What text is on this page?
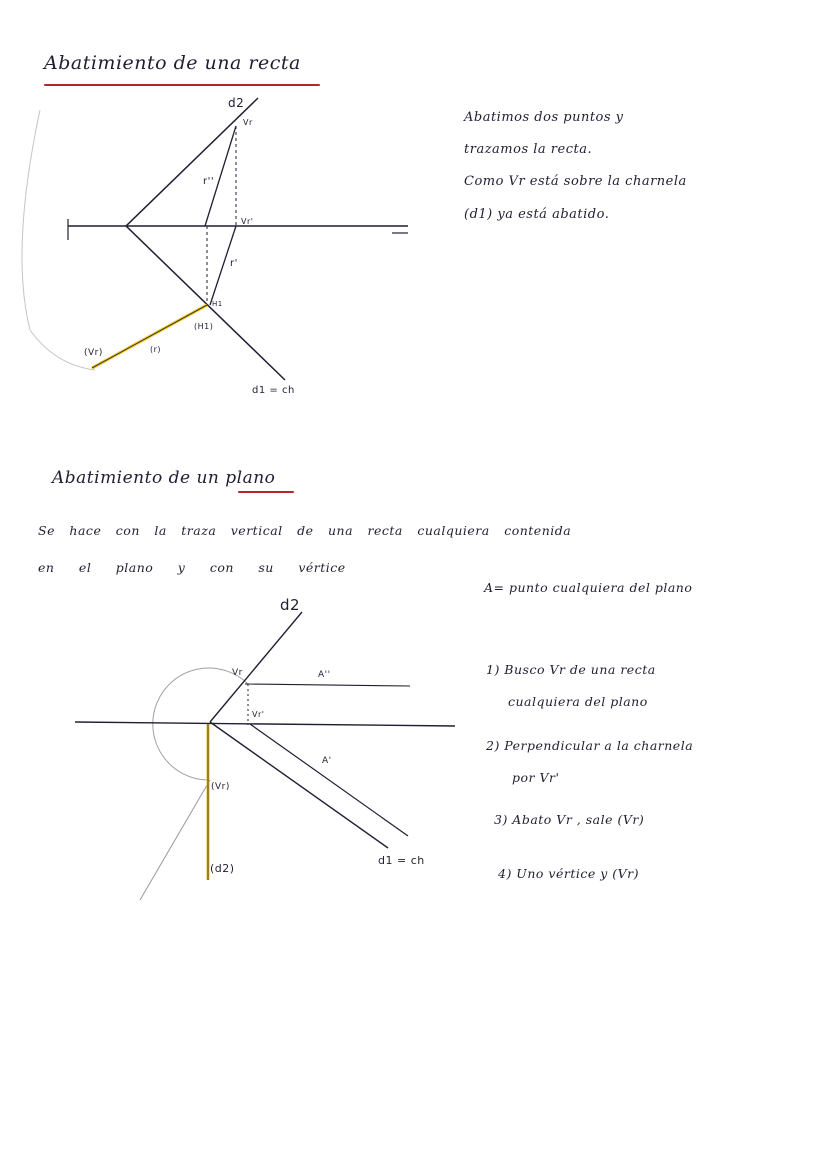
Abatimiento de una recta
Abatimos dos puntos y
trazamos la recta.
Como Vr está sobre la charnela
(d1) ya está abatido.
d2
Vr
r''
Vr'
r'
H1
(H1)
(r)
(Vr)
d1 = ch
Abatimiento de un plano
Se hace con la traza vertical de una recta cualquiera contenida
en el plano y con su vértice
A= punto cualquiera del plano
1) Busco Vr de una recta
cualquiera del plano
2) Perpendicular a la charnela
por Vr'
3) Abato Vr , sale (Vr)
4) Uno vértice y (Vr)
d2
Vr	A''
Vr'
A'
(Vr)
(d2)
d1 = ch
